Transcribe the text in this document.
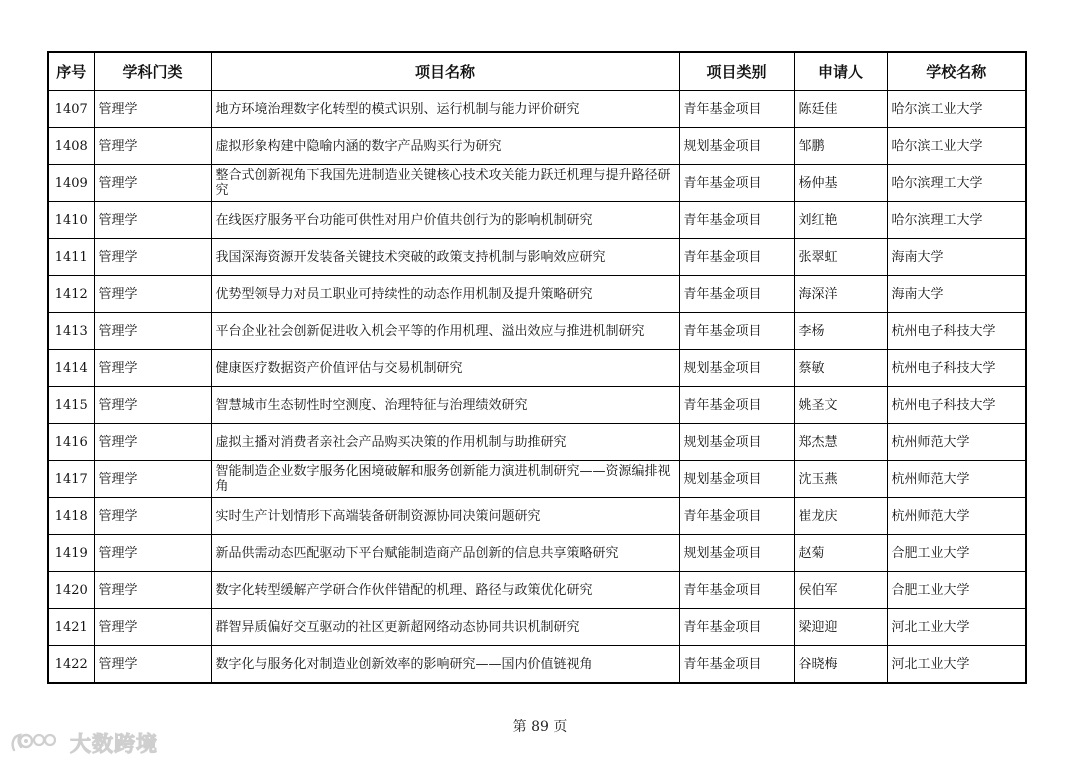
序号	学科门类	项目名称	项目类别	申请人	学校名称
1407	管理学	地方环境治理数字化转型的模式识别、运行机制与能力评价研究	青年基金项目	陈廷佳	哈尔滨工业大学
1408	管理学	虚拟形象构建中隐喻内涵的数字产品购买行为研究	规划基金项目	邹鹏	哈尔滨工业大学
1409	管理学	整合式创新视角下我国先进制造业关键核心技术攻关能力跃迁机理与提升路径研究	青年基金项目	杨仲基	哈尔滨理工大学
1410	管理学	在线医疗服务平台功能可供性对用户价值共创行为的影响机制研究	青年基金项目	刘红艳	哈尔滨理工大学
1411	管理学	我国深海资源开发装备关键技术突破的政策支持机制与影响效应研究	青年基金项目	张翠虹	海南大学
1412	管理学	优势型领导力对员工职业可持续性的动态作用机制及提升策略研究	青年基金项目	海深洋	海南大学
1413	管理学	平台企业社会创新促进收入机会平等的作用机理、溢出效应与推进机制研究	青年基金项目	李杨	杭州电子科技大学
1414	管理学	健康医疗数据资产价值评估与交易机制研究	规划基金项目	蔡敏	杭州电子科技大学
1415	管理学	智慧城市生态韧性时空测度、治理特征与治理绩效研究	青年基金项目	姚圣文	杭州电子科技大学
1416	管理学	虚拟主播对消费者亲社会产品购买决策的作用机制与助推研究	规划基金项目	郑杰慧	杭州师范大学
1417	管理学	智能制造企业数字服务化困境破解和服务创新能力演进机制研究——资源编排视角	规划基金项目	沈玉燕	杭州师范大学
1418	管理学	实时生产计划情形下高端装备研制资源协同决策问题研究	青年基金项目	崔龙庆	杭州师范大学
1419	管理学	新品供需动态匹配驱动下平台赋能制造商产品创新的信息共享策略研究	规划基金项目	赵菊	合肥工业大学
1420	管理学	数字化转型缓解产学研合作伙伴错配的机理、路径与政策优化研究	青年基金项目	侯伯军	合肥工业大学
1421	管理学	群智异质偏好交互驱动的社区更新超网络动态协同共识机制研究	青年基金项目	梁迎迎	河北工业大学
1422	管理学	数字化与服务化对制造业创新效率的影响研究——国内价值链视角	青年基金项目	谷晓梅	河北工业大学
第 89 页
大数跨境
